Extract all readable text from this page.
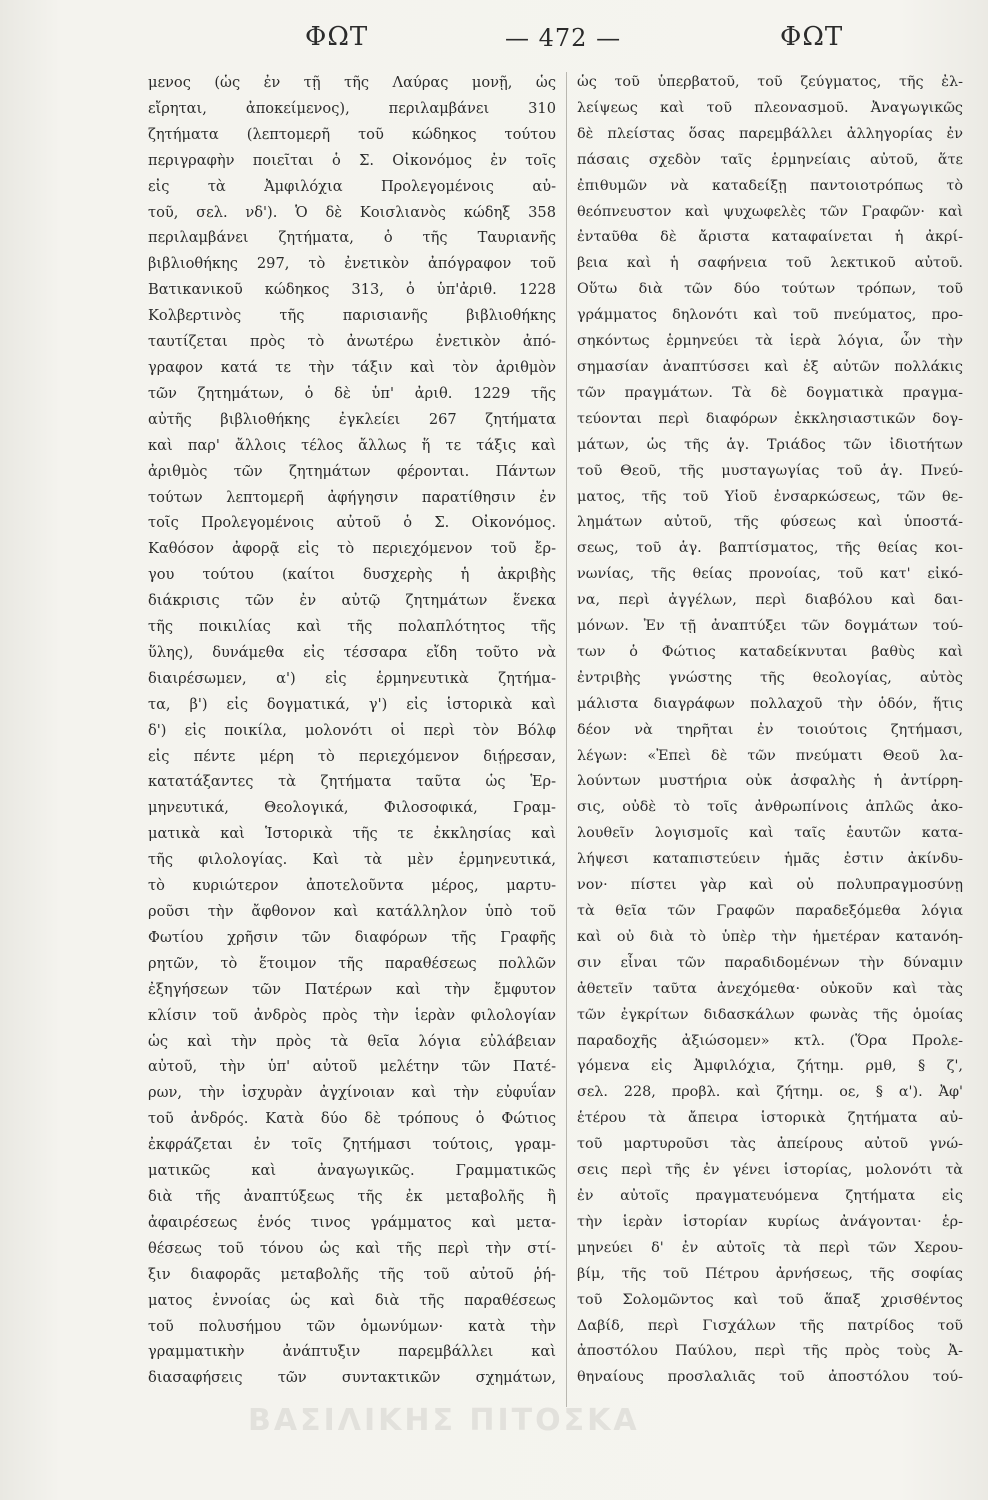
ΦΩΤ	— 472 —	ΦΩΤ
μενος (ὡς ἐν τῇ τῆς Λαύρας μονῇ, ὡς
εἴρηται, ἀποκείμενος), περιλαμβάνει 310
ζητήματα (λεπτομερῆ τοῦ κώδηκος τούτου
περιγραφὴν ποιεῖται ὁ Σ. Οἰκονόμος ἐν τοῖς
εἰς τὰ Ἀμφιλόχια Προλεγομένοις αὐ-
τοῦ, σελ. νδ'). Ὁ δὲ Κοισλιανὸς κώδηξ 358
περιλαμβάνει ζητήματα, ὁ τῆς Ταυριανῆς
βιβλιοθήκης 297, τὸ ἐνετικὸν ἀπόγραφον τοῦ
Βατικανικοῦ κώδηκος 313, ὁ ὑπ'ἀριθ. 1228
Κολβερτινὸς τῆς παρισιανῆς βιβλιοθήκης
ταυτίζεται πρὸς τὸ ἀνωτέρω ἐνετικὸν ἀπό-
γραφον κατά τε τὴν τάξιν καὶ τὸν ἀριθμὸν
τῶν ζητημάτων, ὁ δὲ ὑπ' ἀριθ. 1229 τῆς
αὐτῆς βιβλιοθήκης ἐγκλείει 267 ζητήματα
καὶ παρ' ἄλλοις τέλος ἄλλως ἥ τε τάξις καὶ
ἀριθμὸς τῶν ζητημάτων φέρονται. Πάντων
τούτων λεπτομερῆ ἀφήγησιν παρατίθησιν ἐν
τοῖς Προλεγομένοις αὐτοῦ ὁ Σ. Οἰκονόμος.
Καθόσον ἀφορᾷ εἰς τὸ περιεχόμενον τοῦ ἔρ-
γου τούτου (καίτοι δυσχερὴς ἡ ἀκριβὴς
διάκρισις τῶν ἐν αὐτῷ ζητημάτων ἕνεκα
τῆς ποικιλίας καὶ τῆς πολαπλότητος τῆς
ὕλης), δυνάμεθα εἰς τέσσαρα εἴδη τοῦτο νὰ
διαιρέσωμεν, α') εἰς ἑρμηνευτικὰ ζητήμα-
τα, β') εἰς δογματικά, γ') εἰς ἱστορικὰ καὶ
δ') εἰς ποικίλα, μολονότι οἱ περὶ τὸν Βόλφ
εἰς πέντε μέρη τὸ περιεχόμενον διῄρεσαν,
κατατάξαντες τὰ ζητήματα ταῦτα ὡς Ἑρ-
μηνευτικά, Θεολογικά, Φιλοσοφικά, Γραμ-
ματικὰ καὶ Ἱστορικὰ τῆς τε ἐκκλησίας καὶ
τῆς φιλολογίας. Καὶ τὰ μὲν ἑρμηνευτικά,
τὸ κυριώτερον ἀποτελοῦντα μέρος, μαρτυ-
ροῦσι τὴν ἄφθονον καὶ κατάλληλον ὑπὸ τοῦ
Φωτίου χρῆσιν τῶν διαφόρων τῆς Γραφῆς
ρητῶν, τὸ ἕτοιμον τῆς παραθέσεως πολλῶν
ἐξηγήσεων τῶν Πατέρων καὶ τὴν ἔμφυτον
κλίσιν τοῦ ἀνδρὸς πρὸς τὴν ἱερὰν φιλολογίαν
ὡς καὶ τὴν πρὸς τὰ θεῖα λόγια εὐλάβειαν
αὐτοῦ, τὴν ὑπ' αὐτοῦ μελέτην τῶν Πατέ-
ρων, τὴν ἰσχυρὰν ἀγχίνοιαν καὶ τὴν εὐφυΐαν
τοῦ ἀνδρός. Κατὰ δύο δὲ τρόπους ὁ Φώτιος
ἐκφράζεται ἐν τοῖς ζητήμασι τούτοις, γραμ-
ματικῶς καὶ ἀναγωγικῶς. Γραμματικῶς
διὰ τῆς ἀναπτύξεως τῆς ἐκ μεταβολῆς ἢ
ἀφαιρέσεως ἑνός τινος γράμματος καὶ μετα-
θέσεως τοῦ τόνου ὡς καὶ τῆς περὶ τὴν στί-
ξιν διαφορᾶς μεταβολῆς τῆς τοῦ αὐτοῦ ῥή-
ματος ἐννοίας ὡς καὶ διὰ τῆς παραθέσεως
τοῦ πολυσήμου τῶν ὁμωνύμων· κατὰ τὴν
γραμματικὴν ἀνάπτυξιν παρεμβάλλει καὶ
διασαφήσεις τῶν συντακτικῶν σχημάτων,
ὡς τοῦ ὑπερβατοῦ, τοῦ ζεύγματος, τῆς ἐλ-
λείψεως καὶ τοῦ πλεονασμοῦ. Ἀναγωγικῶς
δὲ πλείστας ὅσας παρεμβάλλει ἀλληγορίας ἐν
πάσαις σχεδὸν ταῖς ἑρμηνείαις αὐτοῦ, ἅτε
ἐπιθυμῶν νὰ καταδείξῃ παντοιοτρόπως τὸ
θεόπνευστον καὶ ψυχωφελὲς τῶν Γραφῶν· καὶ
ἐνταῦθα δὲ ἄριστα καταφαίνεται ἡ ἀκρί-
βεια καὶ ἡ σαφήνεια τοῦ λεκτικοῦ αὐτοῦ.
Οὕτω διὰ τῶν δύο τούτων τρόπων, τοῦ
γράμματος δηλονότι καὶ τοῦ πνεύματος, προ-
σηκόντως ἑρμηνεύει τὰ ἱερὰ λόγια, ὧν τὴν
σημασίαν ἀναπτύσσει καὶ ἐξ αὐτῶν πολλάκις
τῶν πραγμάτων. Τὰ δὲ δογματικὰ πραγμα-
τεύονται περὶ διαφόρων ἐκκλησιαστικῶν δογ-
μάτων, ὡς τῆς ἁγ. Τριάδος τῶν ἰδιοτήτων
τοῦ Θεοῦ, τῆς μυσταγωγίας τοῦ ἁγ. Πνεύ-
ματος, τῆς τοῦ Υἱοῦ ἐνσαρκώσεως, τῶν θε-
λημάτων αὐτοῦ, τῆς φύσεως καὶ ὑποστά-
σεως, τοῦ ἁγ. βαπτίσματος, τῆς θείας κοι-
νωνίας, τῆς θείας προνοίας, τοῦ κατ' εἰκό-
να, περὶ ἀγγέλων, περὶ διαβόλου καὶ δαι-
μόνων. Ἐν τῇ ἀναπτύξει τῶν δογμάτων τού-
των ὁ Φώτιος καταδείκνυται βαθὺς καὶ
ἐντριβὴς γνώστης τῆς θεολογίας, αὐτὸς
μάλιστα διαγράφων πολλαχοῦ τὴν ὁδόν, ἥτις
δέον νὰ τηρῆται ἐν τοιούτοις ζητήμασι,
λέγων: «Ἐπεὶ δὲ τῶν πνεύματι Θεοῦ λα-
λούντων μυστήρια οὐκ ἀσφαλὴς ἡ ἀντίρρη-
σις, οὐδὲ τὸ τοῖς ἀνθρωπίνοις ἁπλῶς ἀκο-
λουθεῖν λογισμοῖς καὶ ταῖς ἑαυτῶν κατα-
λήψεσι καταπιστεύειν ἡμᾶς ἐστιν ἀκίνδυ-
νον· πίστει γὰρ καὶ οὐ πολυπραγμοσύνῃ
τὰ θεῖα τῶν Γραφῶν παραδεξόμεθα λόγια
καὶ οὐ διὰ τὸ ὑπὲρ τὴν ἡμετέραν κατανόη-
σιν εἶναι τῶν παραδιδομένων τὴν δύναμιν
ἀθετεῖν ταῦτα ἀνεχόμεθα· οὐκοῦν καὶ τὰς
τῶν ἐγκρίτων διδασκάλων φωνὰς τῆς ὁμοίας
παραδοχῆς ἀξιώσομεν» κτλ. (Ὅρα Προλε-
γόμενα εἰς Ἀμφιλόχια, ζήτημ. ρμθ, § ζ',
σελ. 228, προβλ. καὶ ζήτημ. οε, § α'). Ἀφ'
ἑτέρου τὰ ἄπειρα ἱστορικὰ ζητήματα αὐ-
τοῦ μαρτυροῦσι τὰς ἀπείρους αὐτοῦ γνώ-
σεις περὶ τῆς ἐν γένει ἱστορίας, μολονότι τὰ
ἐν αὐτοῖς πραγματευόμενα ζητήματα εἰς
τὴν ἱερὰν ἱστορίαν κυρίως ἀνάγονται· ἑρ-
μηνεύει δ' ἐν αὐτοῖς τὰ περὶ τῶν Χερου-
βίμ, τῆς τοῦ Πέτρου ἀρνήσεως, τῆς σοφίας
τοῦ Σολομῶντος καὶ τοῦ ἅπαξ χρισθέντος
Δαβίδ, περὶ Γισχάλων τῆς πατρίδος τοῦ
ἀποστόλου Παύλου, περὶ τῆς πρὸς τοὺς Ἀ-
θηναίους προσλαλιᾶς τοῦ ἀποστόλου τού-
ΒΑΣΙΛΙΚΗΣ ΠΙΤΟΣΚΑ
